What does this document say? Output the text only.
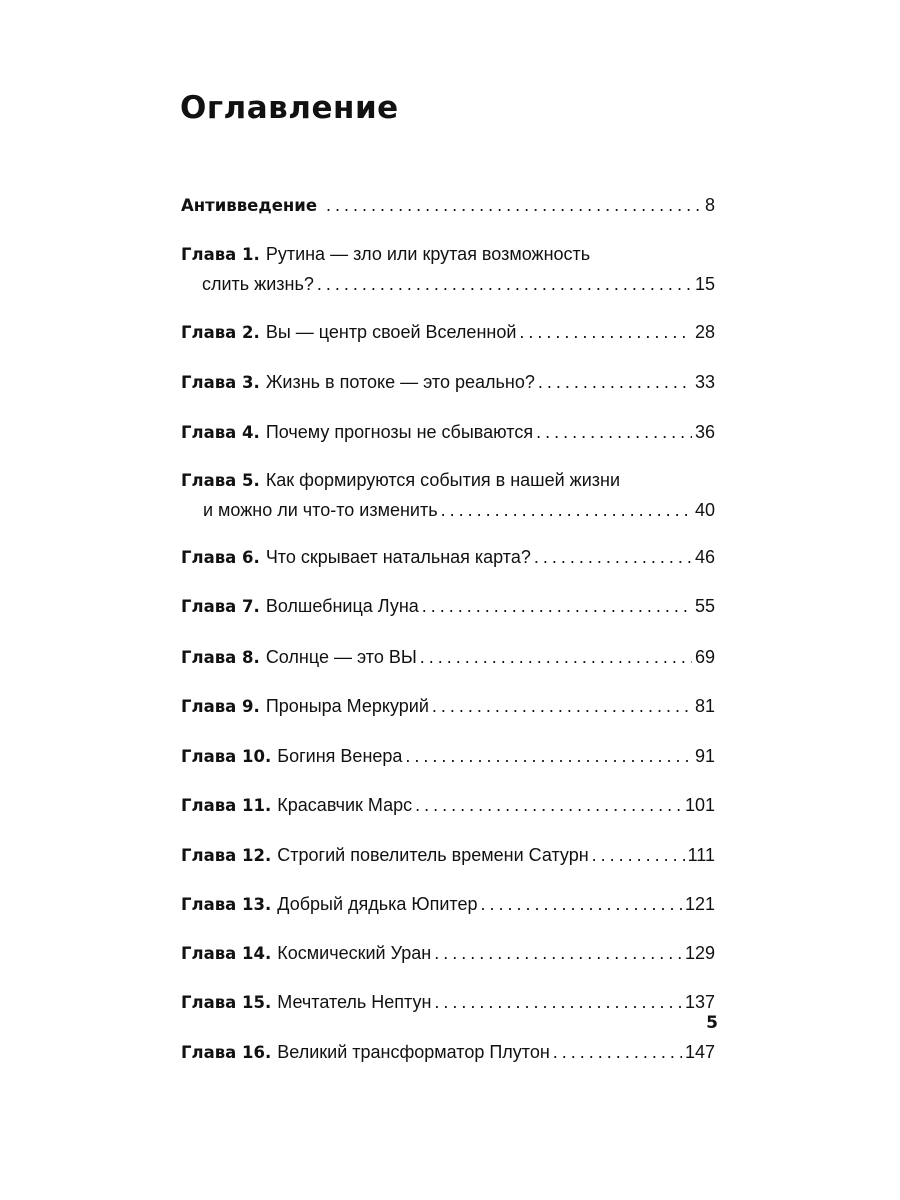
Оглавление
Антивведение . . .	8
Глава 1. Рутина — зло или крутая возможность
слить жизнь? . . .	15
Глава 2. Вы — центр своей Вселенной . . .	28
Глава 3. Жизнь в потоке — это реально? . . .	33
Глава 4. Почему прогнозы не сбываются . . .	36
Глава 5. Как формируются события в нашей жизни
и можно ли что-то изменить . . .	40
Глава 6. Что скрывает натальная карта? . . .	46
Глава 7. Волшебница Луна . . .	55
Глава 8. Солнце — это ВЫ . . .	69
Глава 9. Проныра Меркурий . . .	81
Глава 10. Богиня Венера . . .	91
Глава 11. Красавчик Марс . . .	101
Глава 12. Строгий повелитель времени Сатурн . . .	111
Глава 13. Добрый дядька Юпитер . . .	121
Глава 14. Космический Уран . . .	129
Глава 15. Мечтатель Нептун . . .	137
Глава 16. Великий трансформатор Плутон . . .	147
5
